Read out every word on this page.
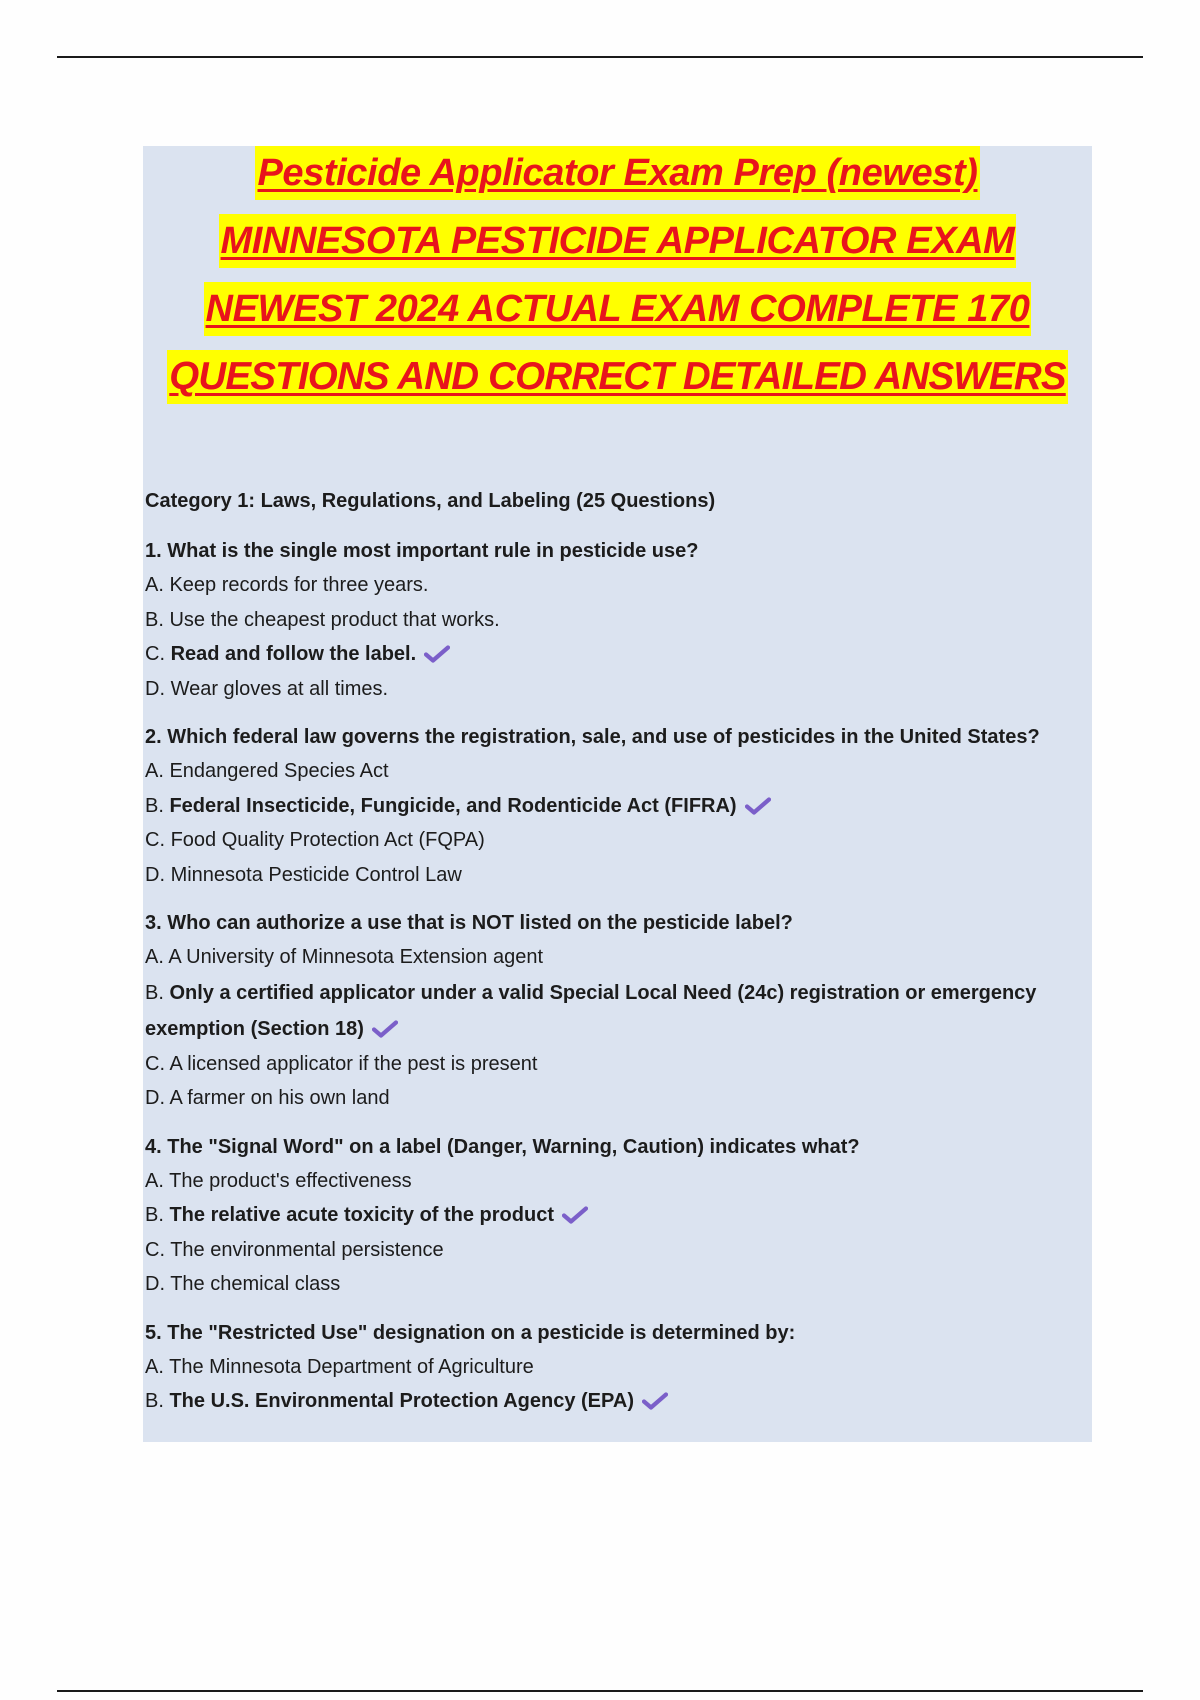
Pesticide Applicator Exam Prep (newest)
MINNESOTA PESTICIDE APPLICATOR EXAM
NEWEST 2024 ACTUAL EXAM COMPLETE 170
QUESTIONS AND CORRECT DETAILED ANSWERS
Category 1: Laws, Regulations, and Labeling (25 Questions)
1. What is the single most important rule in pesticide use?
A. Keep records for three years.
B. Use the cheapest product that works.
C. Read and follow the label.
D. Wear gloves at all times.
2. Which federal law governs the registration, sale, and use of pesticides in the United States?
A. Endangered Species Act
B. Federal Insecticide, Fungicide, and Rodenticide Act (FIFRA)
C. Food Quality Protection Act (FQPA)
D. Minnesota Pesticide Control Law
3. Who can authorize a use that is NOT listed on the pesticide label?
A. A University of Minnesota Extension agent
B. Only a certified applicator under a valid Special Local Need (24c) registration or emergency exemption (Section 18)
C. A licensed applicator if the pest is present
D. A farmer on his own land
4. The "Signal Word" on a label (Danger, Warning, Caution) indicates what?
A. The product's effectiveness
B. The relative acute toxicity of the product
C. The environmental persistence
D. The chemical class
5. The "Restricted Use" designation on a pesticide is determined by:
A. The Minnesota Department of Agriculture
B. The U.S. Environmental Protection Agency (EPA)
